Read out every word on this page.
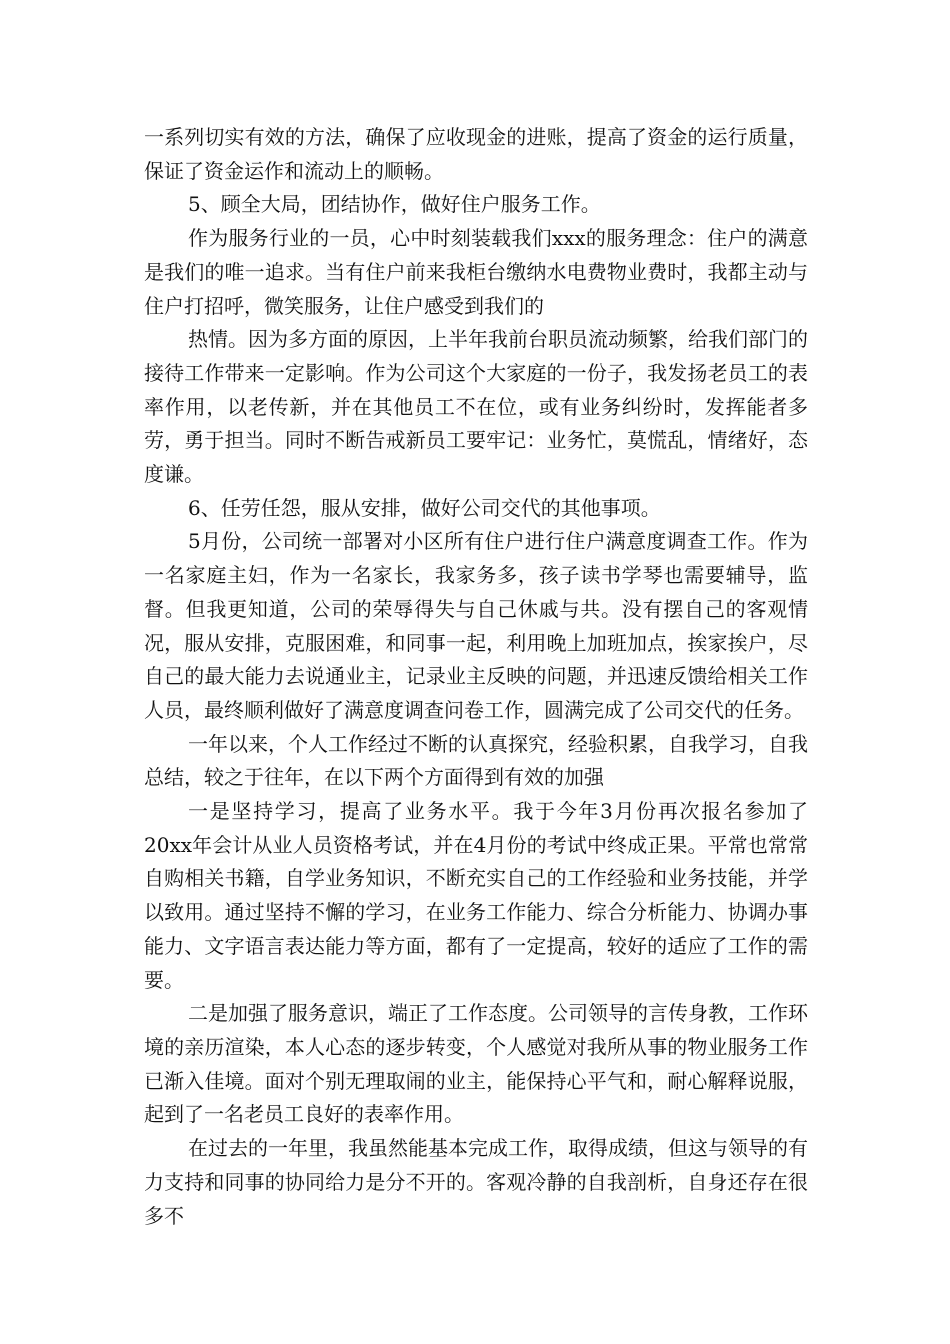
一系列切实有效的方法，确保了应收现金的进账，提高了资金的运行质量，保证了资金运作和流动上的顺畅。

5、顾全大局，团结协作，做好住户服务工作。

作为服务行业的一员，心中时刻装载我们xxx的服务理念：住户的满意是我们的唯一追求。当有住户前来我柜台缴纳水电费物业费时，我都主动与住户打招呼，微笑服务，让住户感受到我们的

热情。因为多方面的原因，上半年我前台职员流动频繁，给我们部门的接待工作带来一定影响。作为公司这个大家庭的一份子，我发扬老员工的表率作用，以老传新，并在其他员工不在位，或有业务纠纷时，发挥能者多劳，勇于担当。同时不断告戒新员工要牢记：业务忙，莫慌乱，情绪好，态度谦。

6、任劳任怨，服从安排，做好公司交代的其他事项。

5月份，公司统一部署对小区所有住户进行住户满意度调查工作。作为一名家庭主妇，作为一名家长，我家务多，孩子读书学琴也需要辅导，监督。但我更知道，公司的荣辱得失与自己休戚与共。没有摆自己的客观情况，服从安排，克服困难，和同事一起，利用晚上加班加点，挨家挨户，尽自己的最大能力去说通业主，记录业主反映的问题，并迅速反馈给相关工作人员，最终顺利做好了满意度调查问卷工作，圆满完成了公司交代的任务。

一年以来，个人工作经过不断的认真探究，经验积累，自我学习，自我总结，较之于往年，在以下两个方面得到有效的加强

一是坚持学习，提高了业务水平。我于今年3月份再次报名参加了20xx年会计从业人员资格考试，并在4月份的考试中终成正果。平常也常常自购相关书籍，自学业务知识，不断充实自己的工作经验和业务技能，并学以致用。通过坚持不懈的学习，在业务工作能力、综合分析能力、协调办事能力、文字语言表达能力等方面，都有了一定提高，较好的适应了工作的需要。

二是加强了服务意识，端正了工作态度。公司领导的言传身教，工作环境的亲历渲染，本人心态的逐步转变，个人感觉对我所从事的物业服务工作已渐入佳境。面对个别无理取闹的业主，能保持心平气和，耐心解释说服，起到了一名老员工良好的表率作用。

在过去的一年里，我虽然能基本完成工作，取得成绩，但这与领导的有力支持和同事的协同给力是分不开的。客观冷静的自我剖析，自身还存在很多不
